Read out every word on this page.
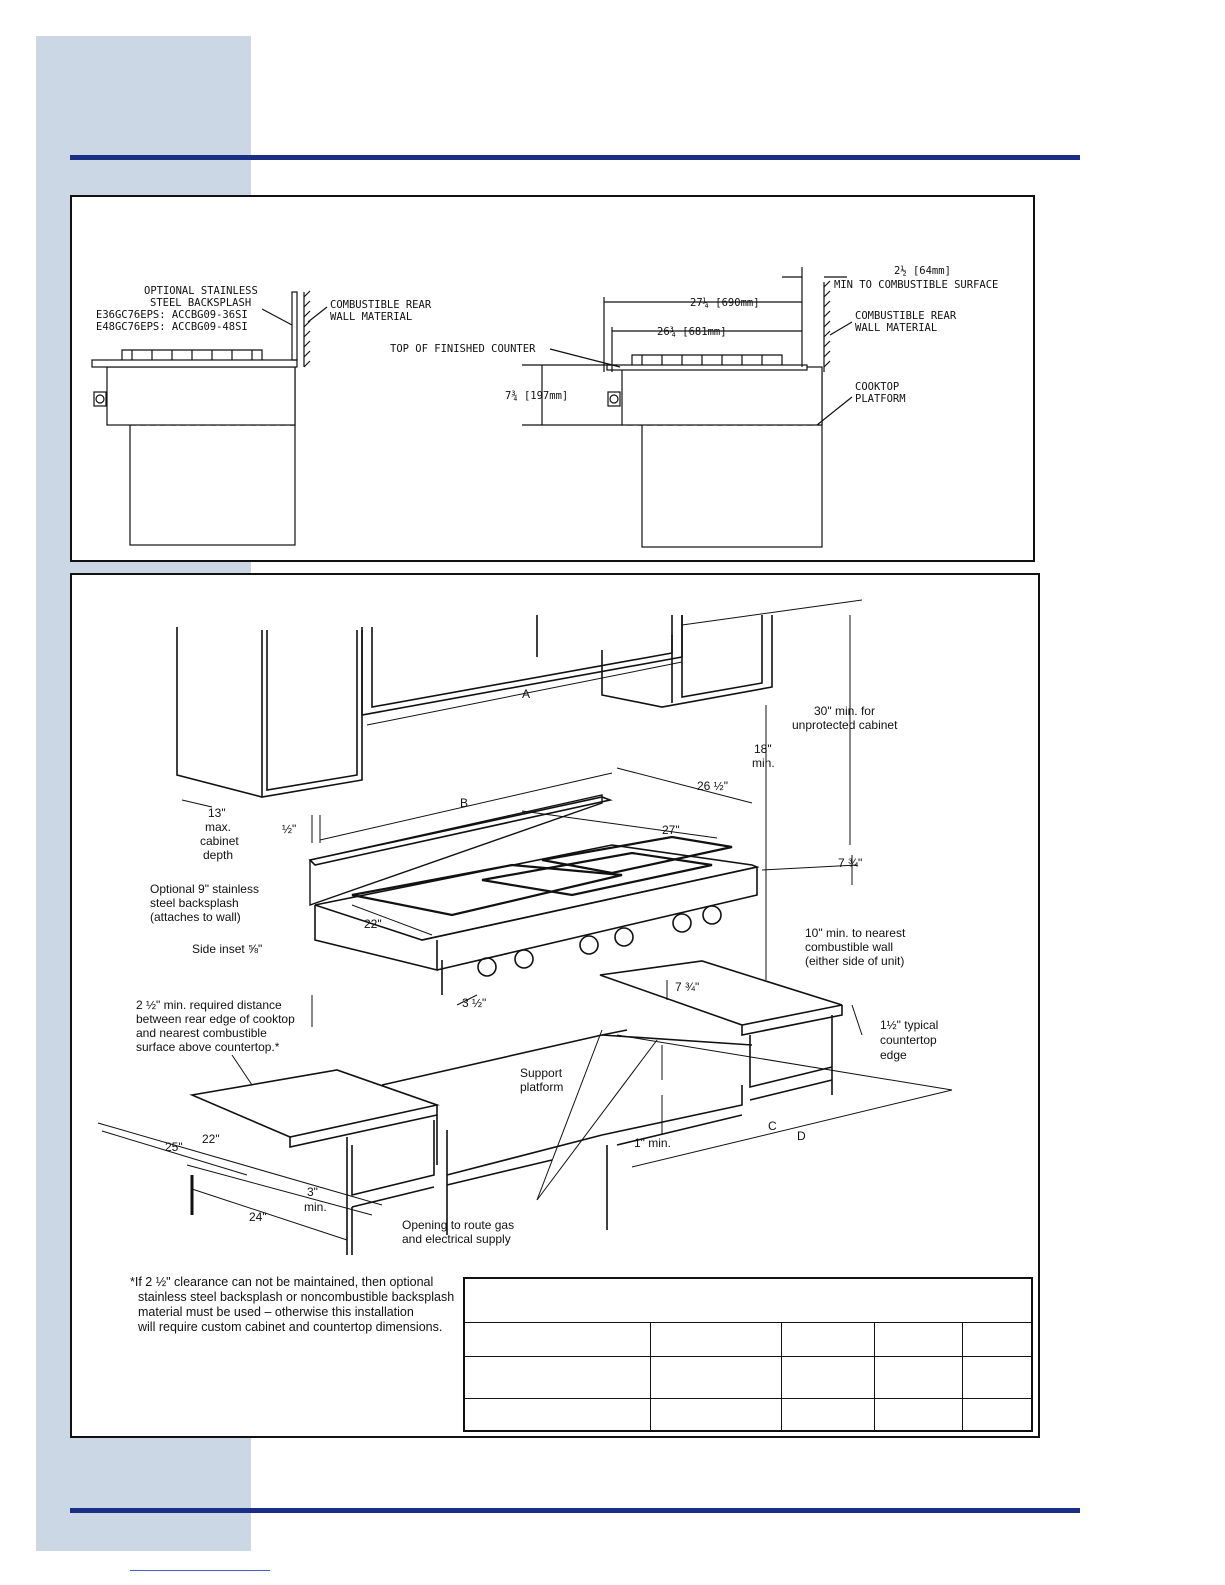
OPTIONAL STAINLESS
STEEL BACKSPLASH
E36GC76EPS: ACCBG09-36SI
E48GC76EPS: ACCBG09-48SI
COMBUSTIBLE REAR
WALL MATERIAL
2½ [64mm]
MIN TO COMBUSTIBLE SURFACE
27¼ [690mm]
26¾ [681mm]
TOP OF FINISHED COUNTER
7¾ [197mm]
COMBUSTIBLE REAR
WALL MATERIAL
COOKTOP
PLATFORM
A
B
C
D
30" min. for
unprotected cabinet
18"
min.
26 ½"
27"
7 ¾"
13"
max.
cabinet
depth
½"
Optional 9" stainless
steel backsplash
(attaches to wall)	22"
Side inset ⅝"
10" min. to nearest
combustible wall
(either side of unit)
2 ½" min. required distance
between rear edge of cooktop
and nearest combustible
surface above countertop.*
3 ½"
7 ¾"
1½" typical
countertop
edge
Support
platform
1" min.
22"
25"
3"
min.
24"
Opening to route gas
and electrical supply

*If 2 ½" clearance can not be maintained, then optional

stainless steel backsplash or noncombustible backsplash

material must be used – otherwise this installation

will require custom cabinet and countertop dimensions.
